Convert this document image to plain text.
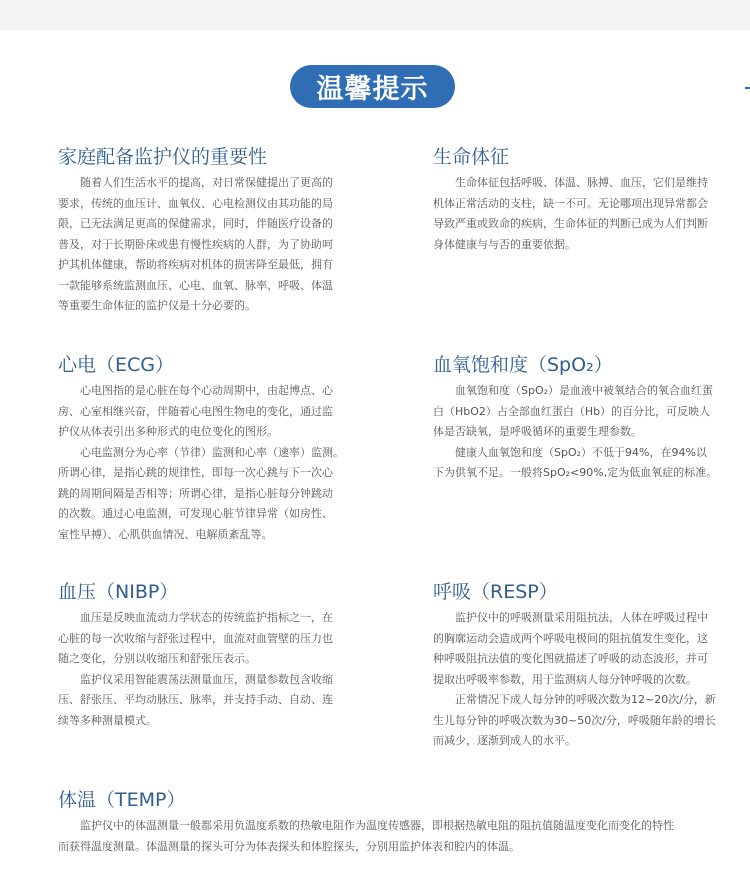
温馨提示
家庭配备监护仪的重要性
随着人们生活水平的提高，对日常保健提出了更高的
要求，传统的血压计、血氧仪、心电检测仪由其功能的局
限，已无法满足更高的保健需求，同时，伴随医疗设备的
普及，对于长期卧床或患有慢性疾病的人群，为了协助呵
护其机体健康，帮助将疾病对机体的损害降至最低，拥有
一款能够系统监测血压、心电、血氧、脉率、呼吸、体温
等重要生命体征的监护仪是十分必要的。
生命体征
生命体征包括呼吸、体温、脉搏、血压，它们是维持
机体正常活动的支柱，缺一不可。无论哪项出现异常都会
导致严重或致命的疾病，生命体征的判断已成为人们判断
身体健康与与否的重要依据。
心电（ECG）
心电图指的是心脏在每个心动周期中，由起博点、心
房、心室相继兴奋，伴随着心电图生物电的变化，通过监
护仪从体表引出多种形式的电位变化的图形。
心电监测分为心率（节律）监测和心率（速率）监测。
所谓心律，是指心跳的规律性，即每一次心跳与下一次心
跳的周期间隔是否相等；所谓心律，是指心脏每分钟跳动
的次数。通过心电监测，可发现心脏节律异常（如房性、
室性早搏）、心肌供血情况、电解质紊乱等。
血氧饱和度（SpO₂）
血氧饱和度（SpO₂）是血液中被氧结合的氧合血红蛋
白（HbO2）占全部血红蛋白（Hb）的百分比，可反映人
体是否缺氧，是呼吸循环的重要生理参数。
健康人血氧饱和度（SpO₂）不低于94%，在94%以
下为供氧不足。一般将SpO₂<90%,定为低血氧症的标准。
血压（NIBP）
血压是反映血流动力学状态的传统监护指标之一，在
心脏的每一次收缩与舒张过程中，血流对血管壁的压力也
随之变化，分别以收缩压和舒张压表示。
监护仪采用智能震荡法测量血压，测量参数包含收缩
压、舒张压、平均动脉压、脉率，并支持手动、自动、连
续等多种测量模式。
呼吸（RESP）
监护仪中的呼吸测量采用阻抗法，人体在呼吸过程中
的胸廓运动会造成两个呼吸电极间的阻抗值发生变化，这
种呼吸阻抗法值的变化图就描述了呼吸的动态波形，并可
提取出呼吸率参数，用于监测病人每分钟呼吸的次数。
正常情况下成人每分钟的呼吸次数为12~20次/分，新
生儿每分钟的呼吸次数为30~50次/分，呼吸随年龄的增长
而减少，逐渐到成人的水平。
体温（TEMP）
监护仪中的体温测量一般都采用负温度系数的热敏电阻作为温度传感器，即根据热敏电阻的阻抗值随温度变化而变化的特性
而获得温度测量。体温测量的探头可分为体表探头和体腔探头，分别用监护体表和腔内的体温。
